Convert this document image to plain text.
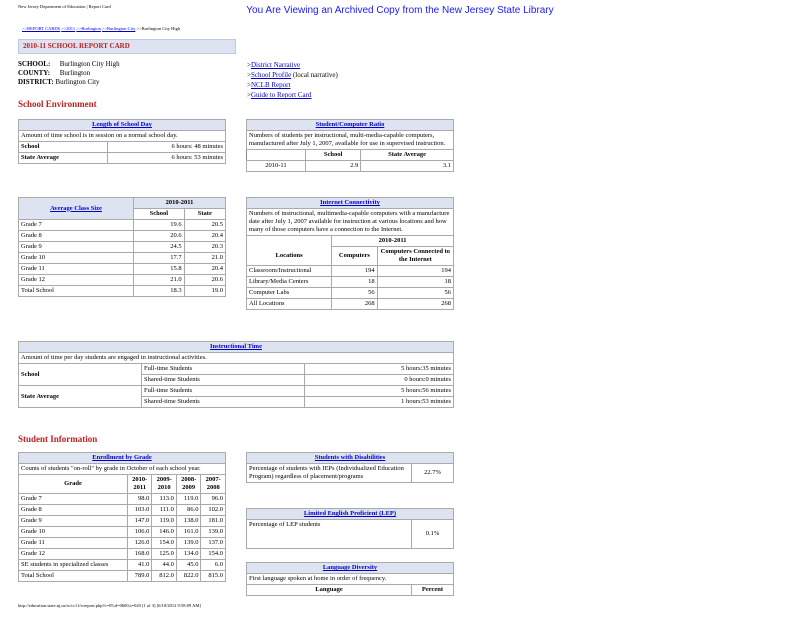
New Jersey Department of Education | Report Card	You Are Viewing an Archived Copy from the New Jersey State Library
>>REPORT CARDS >>2011 >>Burlington >>Burlington City >>Burlington City High
2010-11 SCHOOL REPORT CARD
SCHOOL: Burlington City High
COUNTY: Burlington
DISTRICT: Burlington City
>District Narrative
>School Profile (local narrative)
>NCLB Report
>Guide to Report Card
School Environment
Length of School Day	
Amount of time school is in session on a normal school day.	
School	6 hours: 48 minutes
State Average	6 hours: 53 minutes
Student/Computer Ratio		
Numbers of students per instructional, multi-media-capable computers, manufactured after July 1, 2007, available for use in supervised instruction.		
	School	State Average
2010-11	2.9	3.1
Average Class Size	2010-2011	
	School	State
Grade 7	19.6	20.5
Grade 8	20.6	20.4
Grade 9	24.5	20.3
Grade 10	17.7	21.0
Grade 11	15.8	20.4
Grade 12	21.0	20.6
Total School	18.3	19.0
Internet Connectivity		
Numbers of instructional, multimedia-capable computers with a manufacture date after July 1, 2007 available for instruction at various locations and how many of those computers have a connection to the Internet.		
	2010-2011	
Locations	Computers	Computers Connected to the Internet
Classroom/Instructional	194	194
Library/Media Centers	18	18
Computer Labs	56	56
All Locations	268	268
Instructional Time		
Amount of time per day students are engaged in instructional activities.		
School	Full-time Students	5 hours:35 minutes
	Shared-time Students	0 hours:0 minutes
State Average	Full-time Students	5 hours:56 minutes
	Shared-time Students	1 hours:53 minutes
Student Information
Enrollment by Grade				
Counts of students "on-roll" by grade in October of each school year.				
Grade	2010-2011	2009-2010	2008-2009	2007-2008
Grade 7	98.0	113.0	119.0	96.0
Grade 8	103.0	111.0	86.0	102.0
Grade 9	147.0	119.0	138.0	181.0
Grade 10	106.0	146.0	161.0	139.0
Grade 11	126.0	154.0	139.0	137.0
Grade 12	168.0	125.0	134.0	154.0
SE students in specialized classes	41.0	44.0	45.0	6.0
Total School	789.0	812.0	822.0	815.0
Students with Disabilities
Percentage of students with IEPs (Individualized Education Program) regardless of placement/programs	22.7%
Limited English Proficient (LEP)
Percentage of LEP students	0.1%
Language Diversity
First language spoken at home in order of frequency.
Language	Percent
http://education.state.nj.us/rc/rc11/rcreport.php?c=05;d=0600;s=020 (1 of 3) [6/18/2012 9:58:09 AM]
